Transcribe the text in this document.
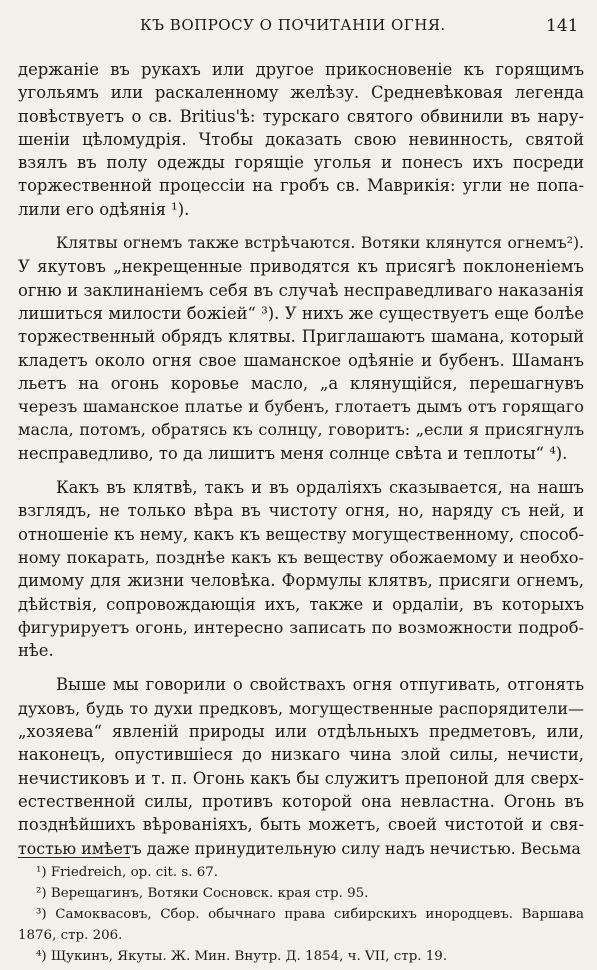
КЪ ВОПРОСУ О ПОЧИТАНІИ ОГНЯ.	141
держаніе въ рукахъ или другое прикосновеніе къ горящимъ
угольямъ или раскаленному желѣзу. Средневѣковая легенда
повѣствуетъ о св. Britius'ѣ: турскаго святого обвинили въ нару-
шеніи цѣломудрія. Чтобы доказать свою невинность, святой
взялъ въ полу одежды горящіе уголья и понесъ ихъ посреди
торжественной процессіи на гробъ св. Маврикія: угли не попа-
лили его одѣянія ¹).
Клятвы огнемъ также встрѣчаются. Вотяки клянутся огнемъ²).
У якутовъ „некрещенные приводятся къ присягѣ поклоненіемъ
огню и заклинаніемъ себя въ случаѣ несправедливаго наказанія
лишиться милости божіей“ ³). У нихъ же существуетъ еще болѣе
торжественный обрядъ клятвы. Приглашаютъ шамана, который
кладетъ около огня свое шаманское одѣяніе и бубенъ. Шаманъ
льетъ на огонь коровье масло, „а клянущійся, перешагнувъ
черезъ шаманское платье и бубенъ, глотаетъ дымъ отъ горящаго
масла, потомъ, обратясь къ солнцу, говоритъ: „если я присягнулъ
несправедливо, то да лишитъ меня солнце свѣта и теплоты“ ⁴).
Какъ въ клятвѣ, такъ и въ ордаліяхъ сказывается, на нашъ
взглядъ, не только вѣра въ чистоту огня, но, наряду съ ней, и
отношеніе къ нему, какъ къ веществу могущественному, способ-
ному покарать, позднѣе какъ къ веществу обожаемому и необхо-
димому для жизни человѣка. Формулы клятвъ, присяги огнемъ,
дѣйствія, сопровождающія ихъ, также и ордаліи, въ которыхъ
фигурируетъ огонь, интересно записать по возможности подроб-
нѣе.
Выше мы говорили о свойствахъ огня отпугивать, отгонять
духовъ, будь то духи предковъ, могущественные распорядители—
„хозяева“ явленій природы или отдѣльныхъ предметовъ, или,
наконецъ, опустившіеся до низкаго чина злой силы, нечисти,
нечистиковъ и т. п. Огонь какъ бы служитъ препоной для сверх-
естественной силы, противъ которой она невластна. Огонь въ
позднѣйшихъ вѣрованіяхъ, быть можетъ, своей чистотой и свя-
тостью имѣетъ даже принудительную силу надъ нечистью. Весьма
¹) Friedreich, op. cit. s. 67.
²) Верещагинъ, Вотяки Сосновск. края стр. 95.
³) Самоквасовъ, Сбор. обычнаго права сибирскихъ инородцевъ. Варшава
1876, стр. 206.
⁴) Щукинъ, Якуты. Ж. Мин. Внутр. Д. 1854, ч. VII, стр. 19.
